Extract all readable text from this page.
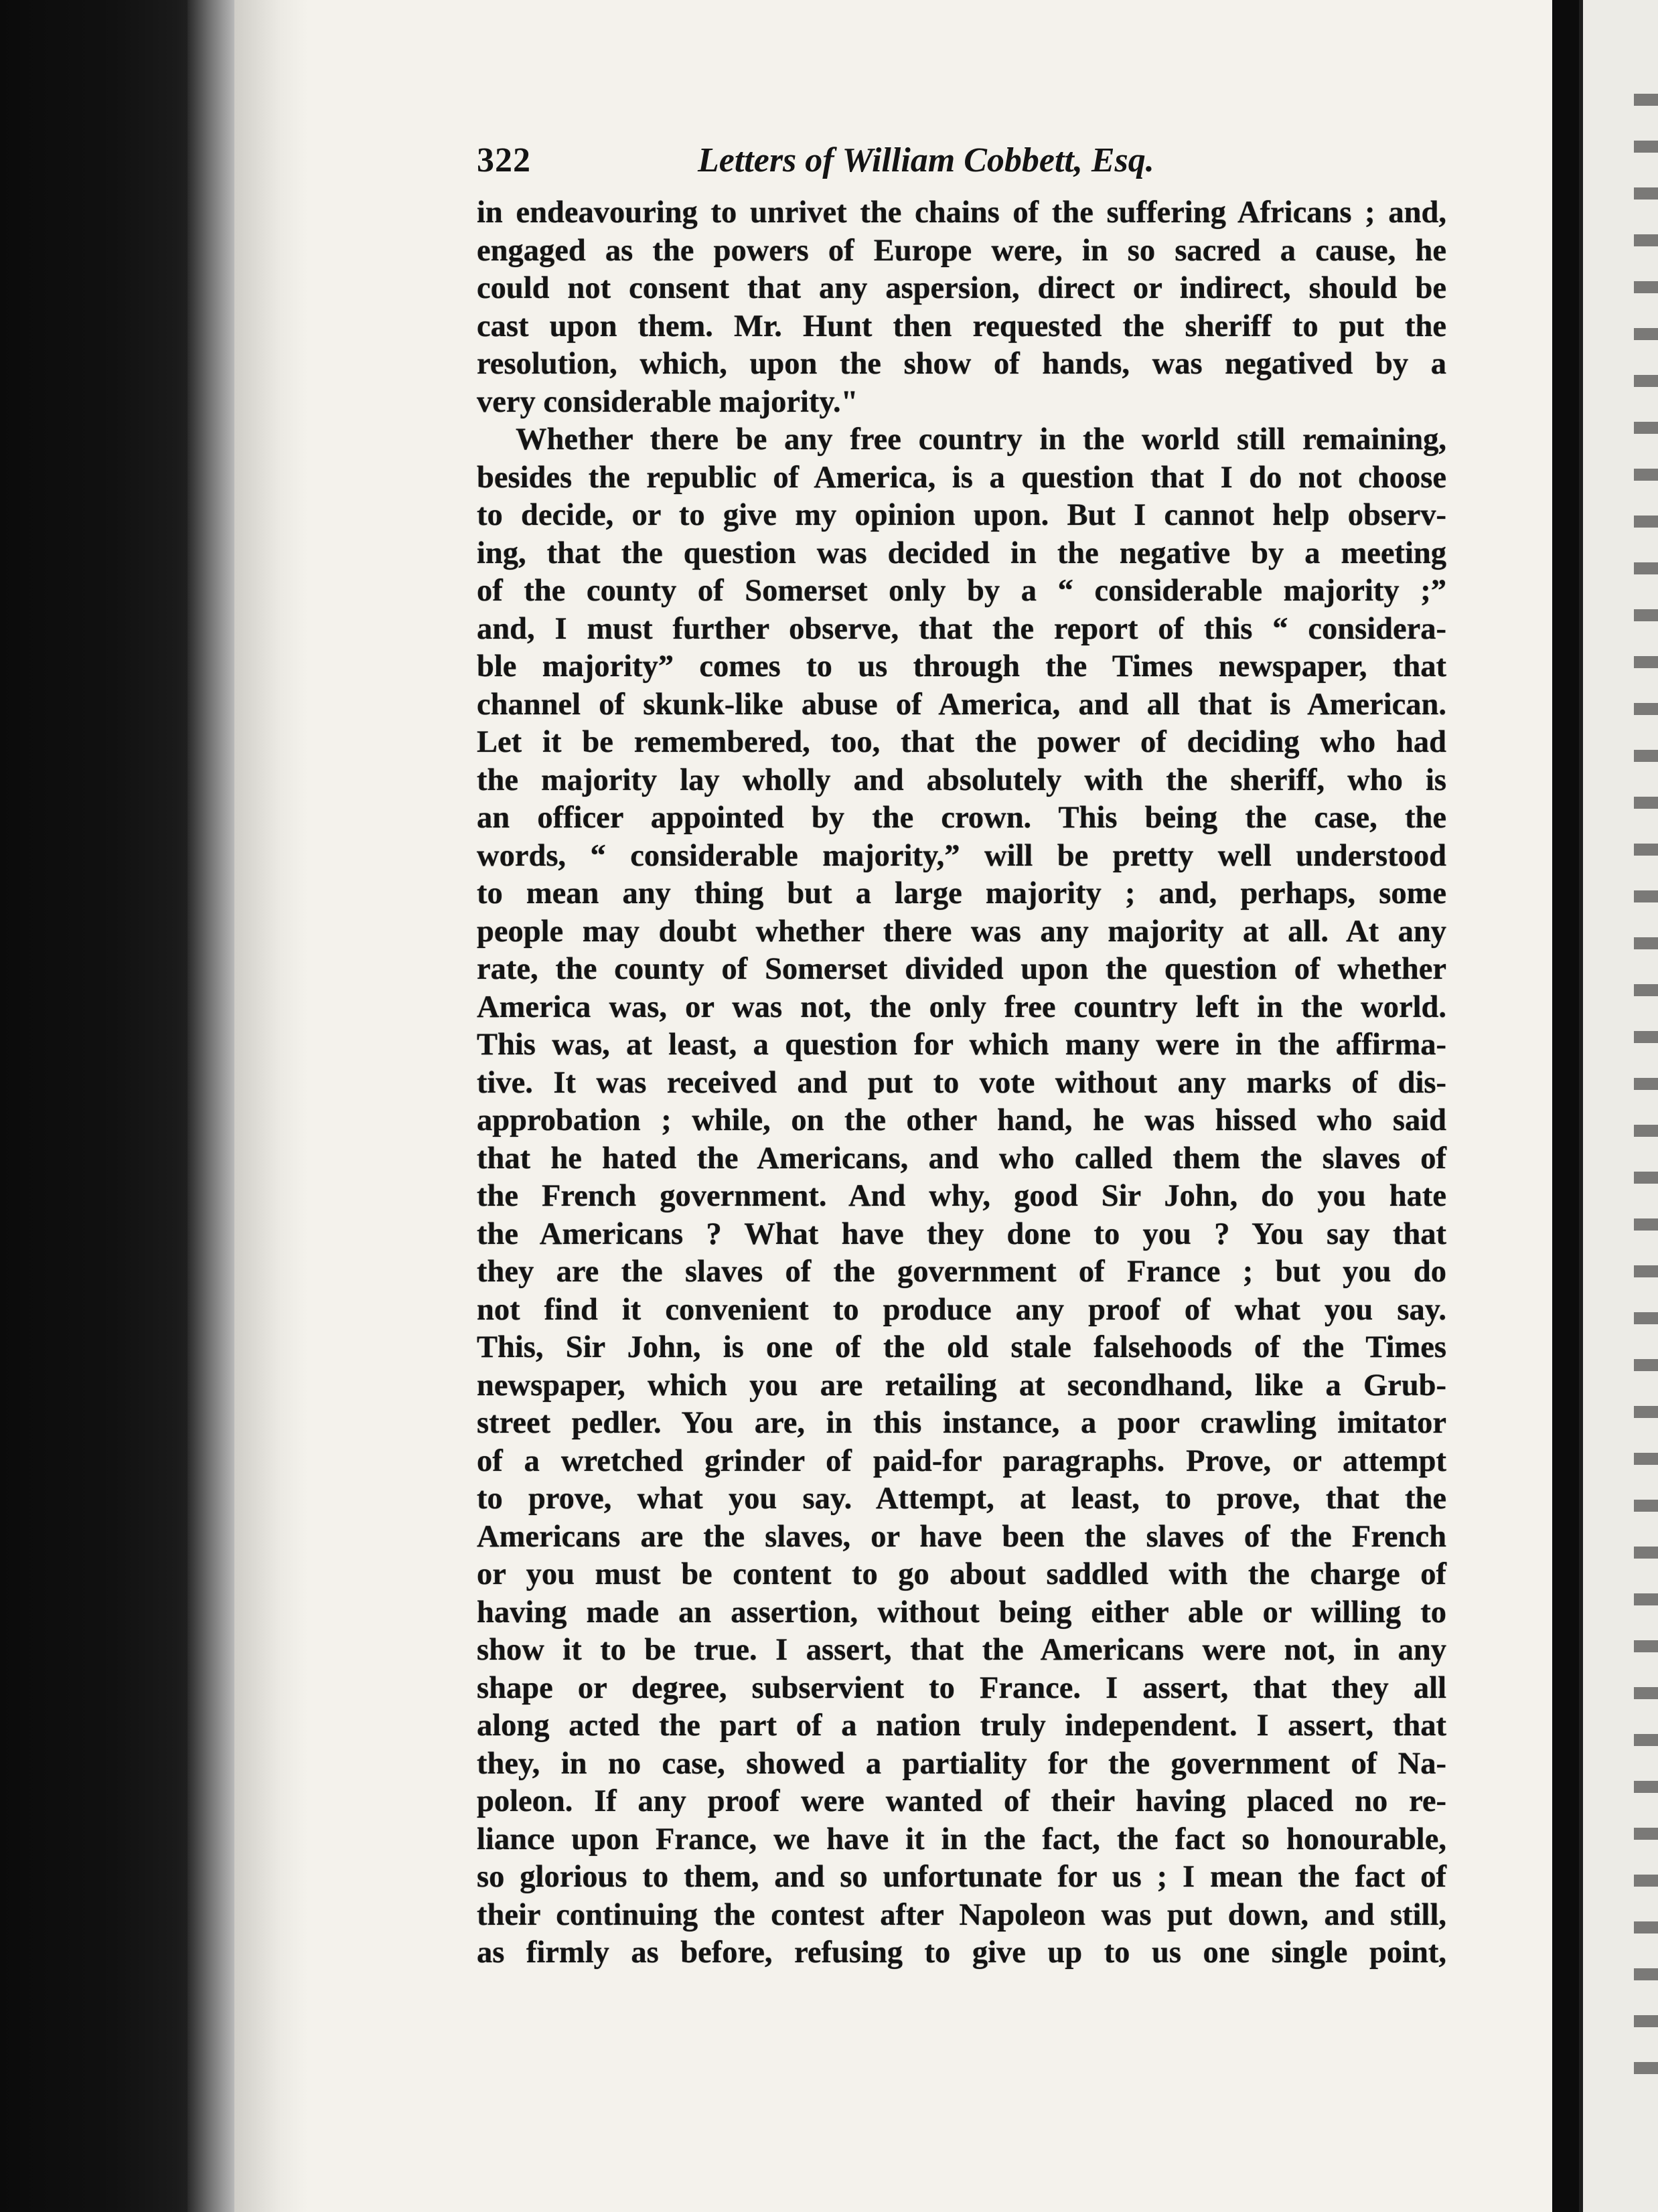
322	Letters of William Cobbett, Esq.
in endeavouring to unrivet the chains of the suffering Africans ; and,
engaged as the powers of Europe were, in so sacred a cause, he
could not consent that any aspersion, direct or indirect, should be
cast upon them. Mr. Hunt then requested the sheriff to put the
resolution, which, upon the show of hands, was negatived by a
very considerable majority."
Whether there be any free country in the world still remaining,
besides the republic of America, is a question that I do not choose
to decide, or to give my opinion upon. But I cannot help observ-
ing, that the question was decided in the negative by a meeting
of the county of Somerset only by a “ considerable majority ;”
and, I must further observe, that the report of this “ considera-
ble majority” comes to us through the Times newspaper, that
channel of skunk-like abuse of America, and all that is American.
Let it be remembered, too, that the power of deciding who had
the majority lay wholly and absolutely with the sheriff, who is
an officer appointed by the crown. This being the case, the
words, “ considerable majority,” will be pretty well understood
to mean any thing but a large majority ; and, perhaps, some
people may doubt whether there was any majority at all. At any
rate, the county of Somerset divided upon the question of whether
America was, or was not, the only free country left in the world.
This was, at least, a question for which many were in the affirma-
tive. It was received and put to vote without any marks of dis-
approbation ; while, on the other hand, he was hissed who said
that he hated the Americans, and who called them the slaves of
the French government. And why, good Sir John, do you hate
the Americans ? What have they done to you ? You say that
they are the slaves of the government of France ; but you do
not find it convenient to produce any proof of what you say.
This, Sir John, is one of the old stale falsehoods of the Times
newspaper, which you are retailing at secondhand, like a Grub-
street pedler. You are, in this instance, a poor crawling imitator
of a wretched grinder of paid-for paragraphs. Prove, or attempt
to prove, what you say. Attempt, at least, to prove, that the
Americans are the slaves, or have been the slaves of the French
or you must be content to go about saddled with the charge of
having made an assertion, without being either able or willing to
show it to be true. I assert, that the Americans were not, in any
shape or degree, subservient to France. I assert, that they all
along acted the part of a nation truly independent. I assert, that
they, in no case, showed a partiality for the government of Na-
poleon. If any proof were wanted of their having placed no re-
liance upon France, we have it in the fact, the fact so honourable,
so glorious to them, and so unfortunate for us ; I mean the fact of
their continuing the contest after Napoleon was put down, and still,
as firmly as before, refusing to give up to us one single point,
